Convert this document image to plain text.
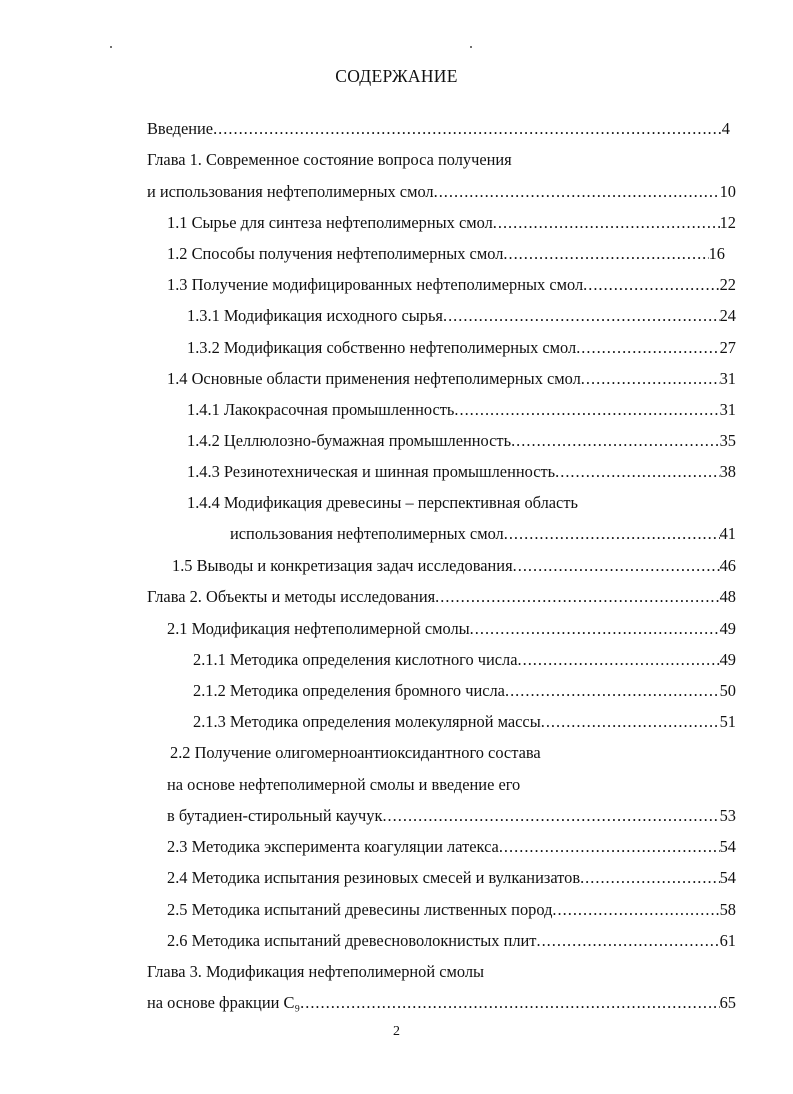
СОДЕРЖАНИЕ
Введение .....	4
Глава 1. Современное состояние вопроса получения
и использования нефтеполимерных смол .....	10
1.1 Сырье для синтеза нефтеполимерных смол .....	12
1.2 Способы получения нефтеполимерных смол .....	16
1.3 Получение модифицированных нефтеполимерных смол .....	22
1.3.1 Модификация исходного сырья .....	24
1.3.2 Модификация собственно нефтеполимерных смол .....	27
1.4 Основные области применения нефтеполимерных смол .....	31
1.4.1 Лакокрасочная промышленность .....	31
1.4.2 Целлюлозно-бумажная промышленность .....	35
1.4.3 Резинотехническая и шинная промышленность .....	38
1.4.4 Модификация древесины – перспективная область
использования нефтеполимерных смол .....	41
1.5 Выводы и конкретизация задач исследования .....	46
Глава 2. Объекты и методы исследования .....	48
2.1 Модификация нефтеполимерной смолы .....	49
2.1.1 Методика определения кислотного числа .....	49
2.1.2 Методика определения бромного числа .....	50
2.1.3 Методика определения молекулярной массы .....	51
2.2 Получение олигомерноантиоксидантного состава
на основе нефтеполимерной смолы и введение его
в бутадиен-стирольный каучук .....	53
2.3 Методика эксперимента коагуляции латекса .....	54
2.4 Методика испытания резиновых смесей и вулканизатов .....	54
2.5 Методика испытаний древесины лиственных пород .....	58
2.6 Методика испытаний древесноволокнистых плит .....	61
Глава 3. Модификация нефтеполимерной смолы
на основе фракции С₉ .....	65
2
